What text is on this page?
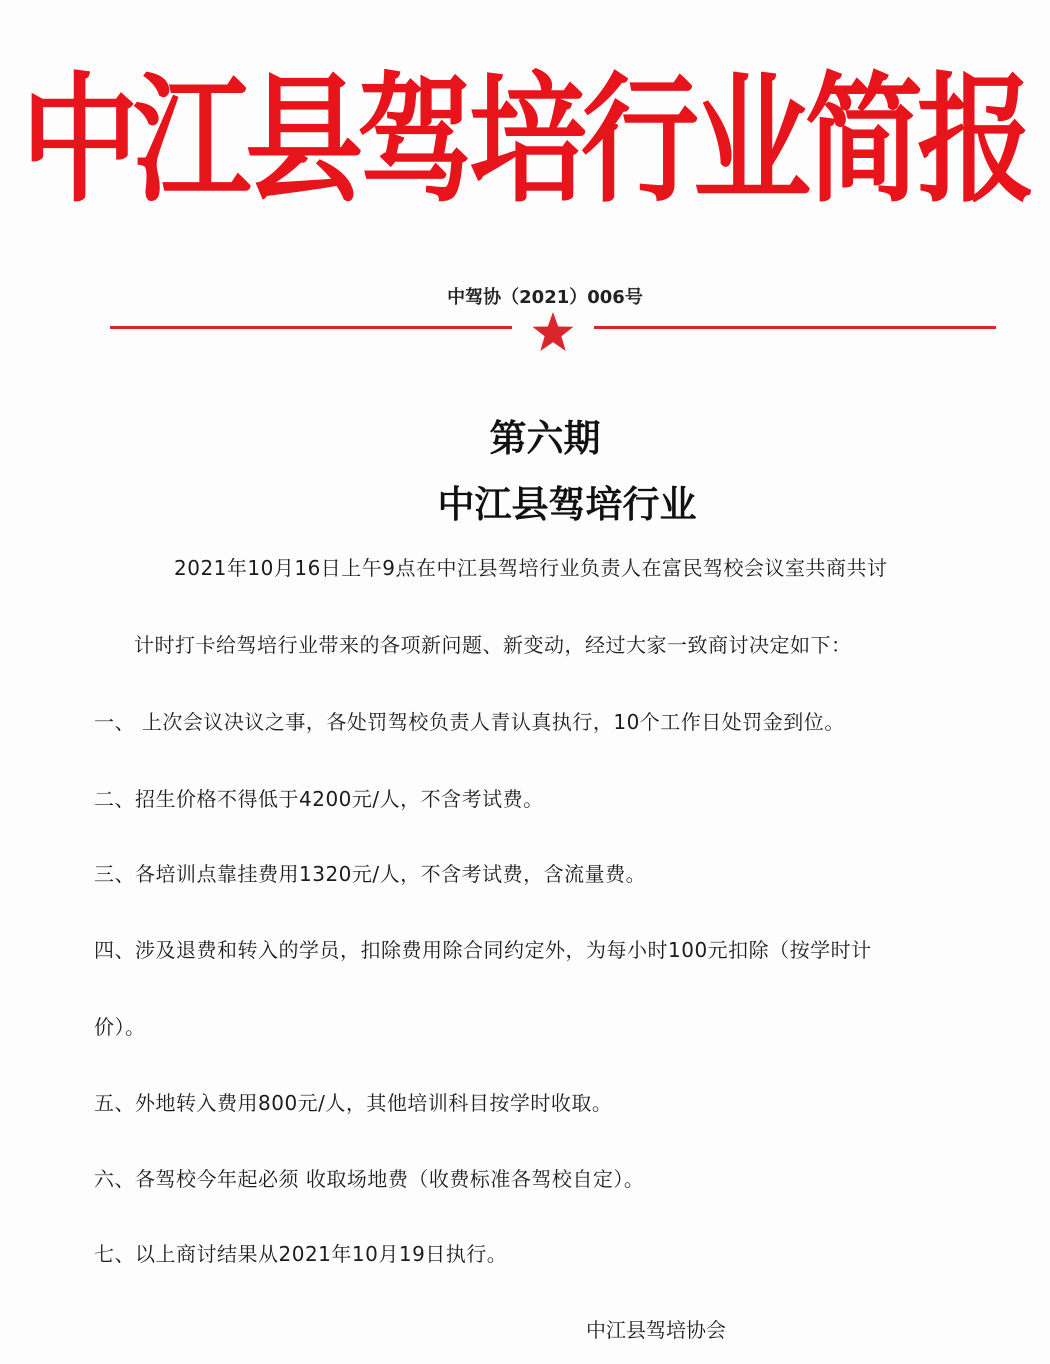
中江县驾培行业简报
中驾协（2021）006号
第六期
中江县驾培行业
2021年10月16日上午9点在中江县驾培行业负责人在富民驾校会议室共商共讨
计时打卡给驾培行业带来的各项新问题、新变动，经过大家一致商讨决定如下：
一、 上次会议决议之事，各处罚驾校负责人青认真执行，10个工作日处罚金到位。
二、招生价格不得低于4200元/人，不含考试费。
三、各培训点靠挂费用1320元/人，不含考试费，含流量费。
四、涉及退费和转入的学员，扣除费用除合同约定外，为每小时100元扣除（按学时计
价）。
五、外地转入费用800元/人，其他培训科目按学时收取。
六、各驾校今年起必须 收取场地费（收费标准各驾校自定）。
七、以上商讨结果从2021年10月19日执行。
中江县驾培协会
